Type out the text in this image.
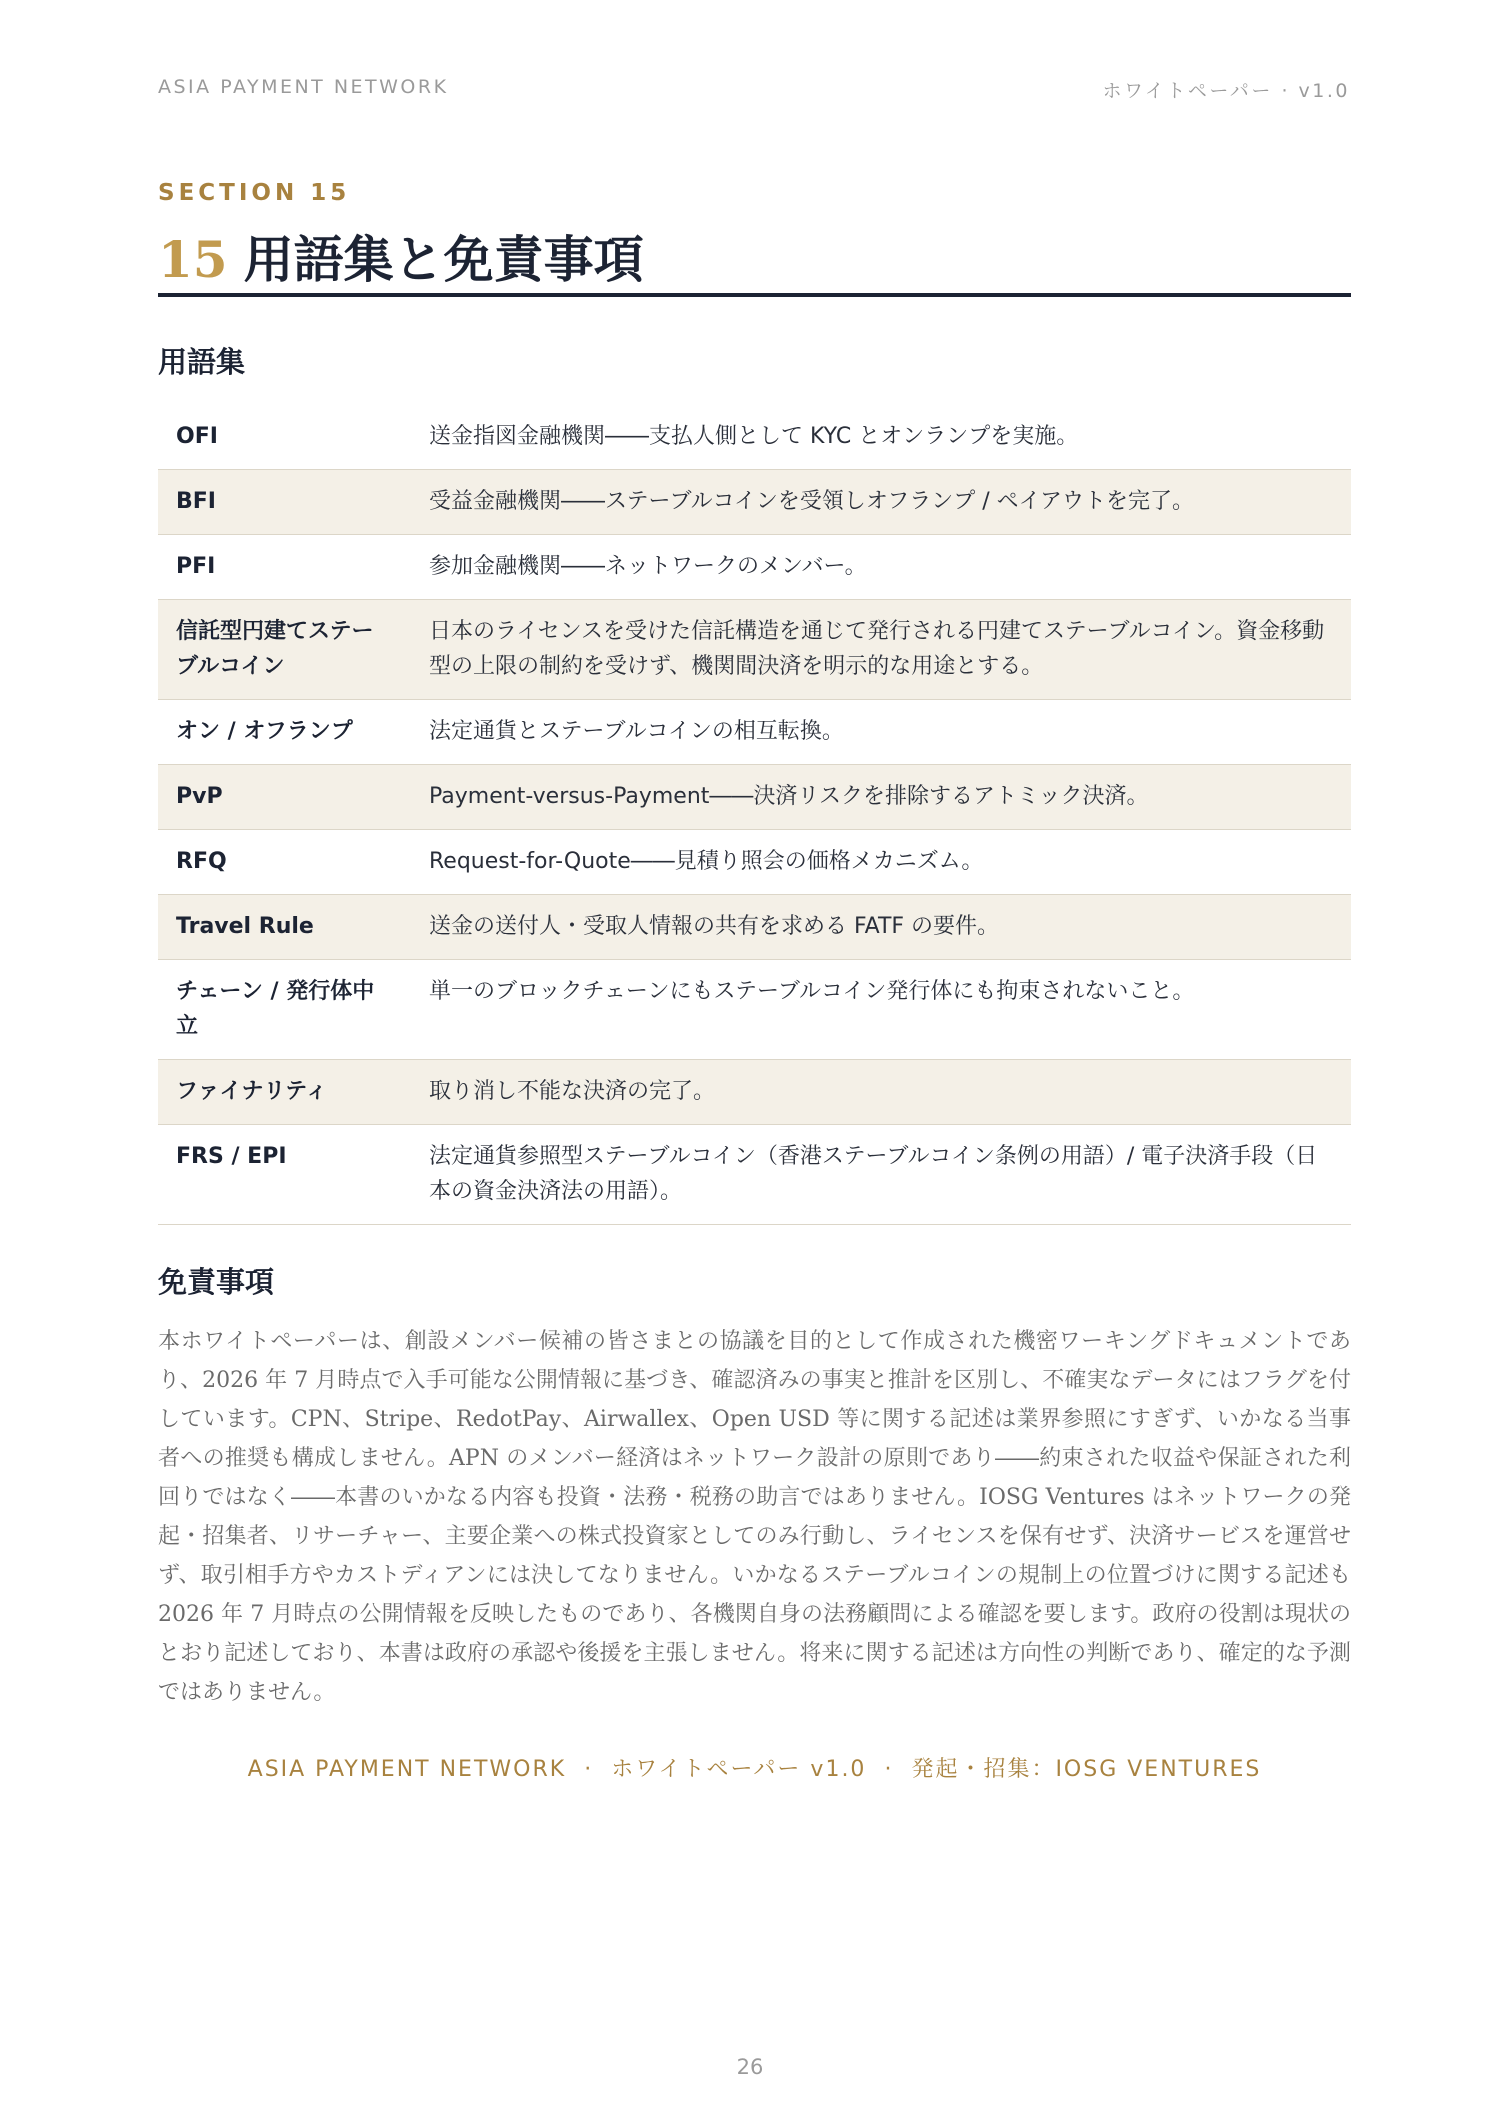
ASIA PAYMENT NETWORK	ホワイトペーパー · v1.0
SECTION 15
15 用語集と免責事項
用語集
OFI	送金指図金融機関――支払人側として KYC とオンランプを実施。
BFI	受益金融機関――ステーブルコインを受領しオフランプ / ペイアウトを完了。
PFI	参加金融機関――ネットワークのメンバー。
信託型円建てステーブルコイン	日本のライセンスを受けた信託構造を通じて発行される円建てステーブルコイン。資金移動型の上限の制約を受けず、機関間決済を明示的な用途とする。
オン / オフランプ	法定通貨とステーブルコインの相互転換。
PvP	Payment-versus-Payment――決済リスクを排除するアトミック決済。
RFQ	Request-for-Quote――見積り照会の価格メカニズム。
Travel Rule	送金の送付人・受取人情報の共有を求める FATF の要件。
チェーン / 発行体中立	単一のブロックチェーンにもステーブルコイン発行体にも拘束されないこと。
ファイナリティ	取り消し不能な決済の完了。
FRS / EPI	法定通貨参照型ステーブルコイン（香港ステーブルコイン条例の用語）/ 電子決済手段（日本の資金決済法の用語）。
免責事項

本ホワイトペーパーは、創設メンバー候補の皆さまとの協議を目的として作成された機密ワーキングドキュメントであり、2026 年 7 月時点で入手可能な公開情報に基づき、確認済みの事実と推計を区別し、不確実なデータにはフラグを付しています。CPN、Stripe、RedotPay、Airwallex、Open USD 等に関する記述は業界参照にすぎず、いかなる当事者への推奨も構成しません。APN のメンバー経済はネットワーク設計の原則であり――約束された収益や保証された利回りではなく――本書のいかなる内容も投資・法務・税務の助言ではありません。IOSG Ventures はネットワークの発起・招集者、リサーチャー、主要企業への株式投資家としてのみ行動し、ライセンスを保有せず、決済サービスを運営せず、取引相手方やカストディアンには決してなりません。いかなるステーブルコインの規制上の位置づけに関する記述も 2026 年 7 月時点の公開情報を反映したものであり、各機関自身の法務顧問による確認を要します。政府の役割は現状のとおり記述しており、本書は政府の承認や後援を主張しません。将来に関する記述は方向性の判断であり、確定的な予測ではありません。

ASIA PAYMENT NETWORK · ホワイトペーパー v1.0 · 発起・招集：IOSG VENTURES
26
